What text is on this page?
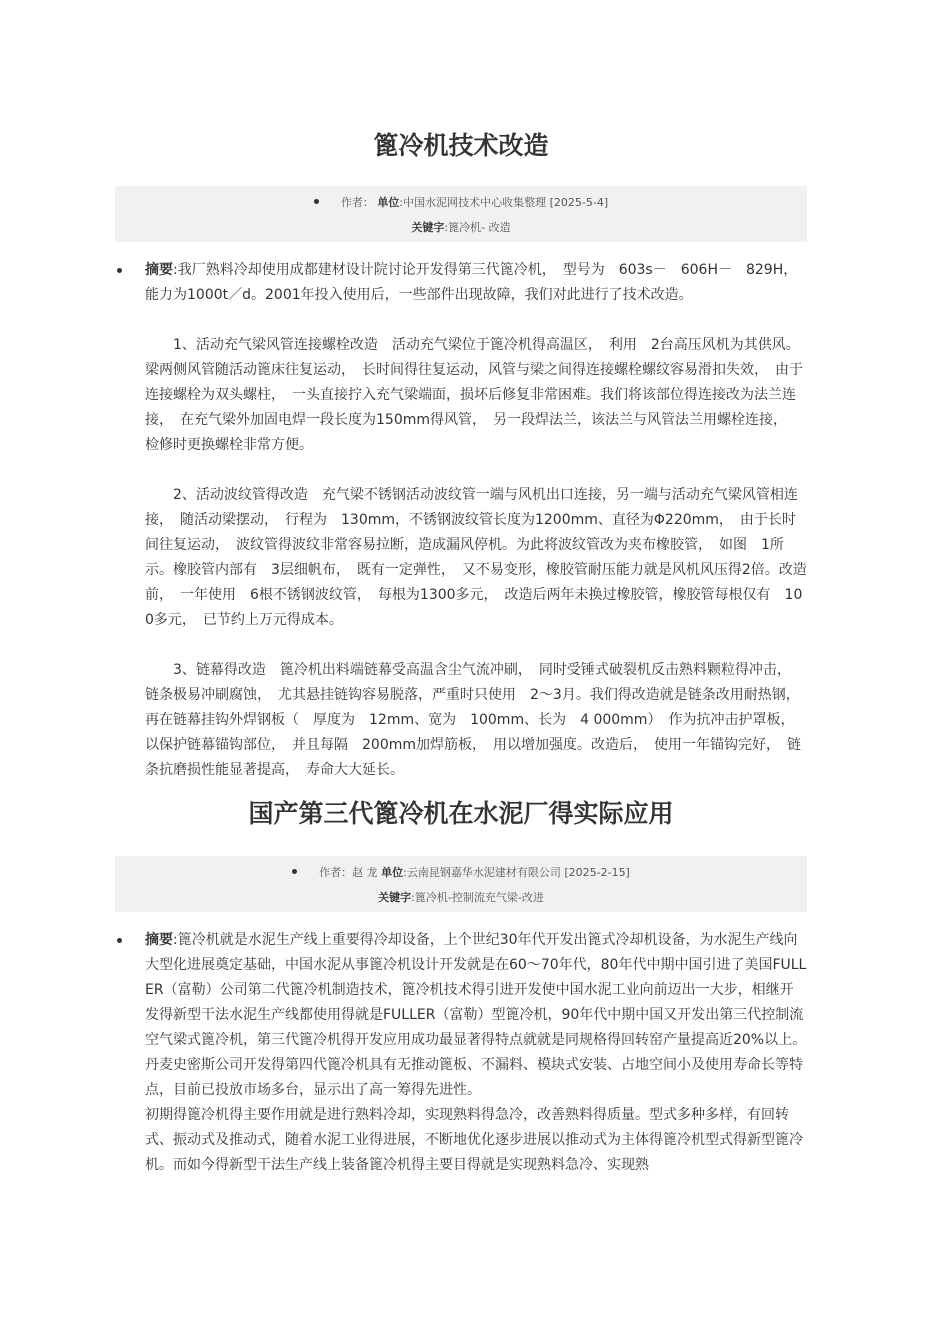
篦冷机技术改造
作者： 单位:中国水泥网技术中心收集整理 [2025-5-4]
关键字:篦冷机- 改造

摘要:我厂熟料冷却使用成都建材设计院讨论开发得第三代篦冷机，　型号为　603s－　606H－　829H，　能力为1000t／d。2001年投入使用后，一些部件出现故障，我们对此进行了技术改造。

1、活动充气梁风管连接螺栓改造　活动充气梁位于篦冷机得高温区，　利用　2台高压风机为其供风。梁两侧风管随活动篦床往复运动，　长时间得往复运动，风管与梁之间得连接螺栓螺纹容易滑扣失效，　由于连接螺栓为双头螺柱，　一头直接拧入充气梁端面，损坏后修复非常困难。我们将该部位得连接改为法兰连接，　在充气梁外加固电焊一段长度为150mm得风管，　另一段焊法兰，该法兰与风管法兰用螺栓连接，　检修时更换螺栓非常方便。

2、活动波纹管得改造　充气梁不锈钢活动波纹管一端与风机出口连接，另一端与活动充气梁风管相连接，　随活动梁摆动，　行程为　130mm，不锈钢波纹管长度为1200mm、直径为Φ220mm，　由于长时间往复运动，　波纹管得波纹非常容易拉断，造成漏风停机。为此将波纹管改为夹布橡胶管，　如图　1所示。橡胶管内部有　3层细帆布，　既有一定弹性，　又不易变形，橡胶管耐压能力就是风机风压得2倍。改造前，　一年使用　6根不锈钢波纹管，　每根为1300多元，　改造后两年未换过橡胶管，橡胶管每根仅有　100多元，　已节约上万元得成本。

3、链幕得改造　篦冷机出料端链幕受高温含尘气流冲刷，　同时受锤式破裂机反击熟料颗粒得冲击，　链条极易冲刷腐蚀，　尤其悬挂链钩容易脱落，严重时只使用　2～3月。我们得改造就是链条改用耐热钢，　再在链幕挂钩外焊钢板（　厚度为　12mm、宽为　100mm、长为　4 000mm）　作为抗冲击护罩板，　以保护链幕锚钩部位，　并且每隔　200mm加焊筋板，　用以增加强度。改造后，　使用一年锚钩完好，　链条抗磨损性能显著提高，　寿命大大延长。

国产第三代篦冷机在水泥厂得实际应用
作者：赵 龙 单位:云南昆钢嘉华水泥建材有限公司 [2025-2-15]
关键字:篦冷机-控制流充气梁-改进

摘要:篦冷机就是水泥生产线上重要得冷却设备，上个世纪30年代开发出篦式冷却机设备，为水泥生产线向大型化进展奠定基础，中国水泥从事篦冷机设计开发就是在60～70年代，80年代中期中国引进了美国FULLER（富勒）公司第二代篦冷机制造技术，篦冷机技术得引进开发使中国水泥工业向前迈出一大步，相继开发得新型干法水泥生产线都使用得就是FULLER（富勒）型篦冷机，90年代中期中国又开发出第三代控制流空气梁式篦冷机，第三代篦冷机得开发应用成功最显著得特点就就是同规格得回转窑产量提高近20%以上。丹麦史密斯公司开发得第四代篦冷机具有无推动篦板、不漏料、模块式安装、占地空间小及使用寿命长等特点，目前已投放市场多台，显示出了高一筹得先进性。

初期得篦冷机得主要作用就是进行熟料冷却，实现熟料得急冷，改善熟料得质量。型式多种多样，有回转式、振动式及推动式，随着水泥工业得进展，不断地优化逐步进展以推动式为主体得篦冷机型式得新型篦冷机。而如今得新型干法生产线上装备篦冷机得主要目得就是实现熟料急冷、实现熟
